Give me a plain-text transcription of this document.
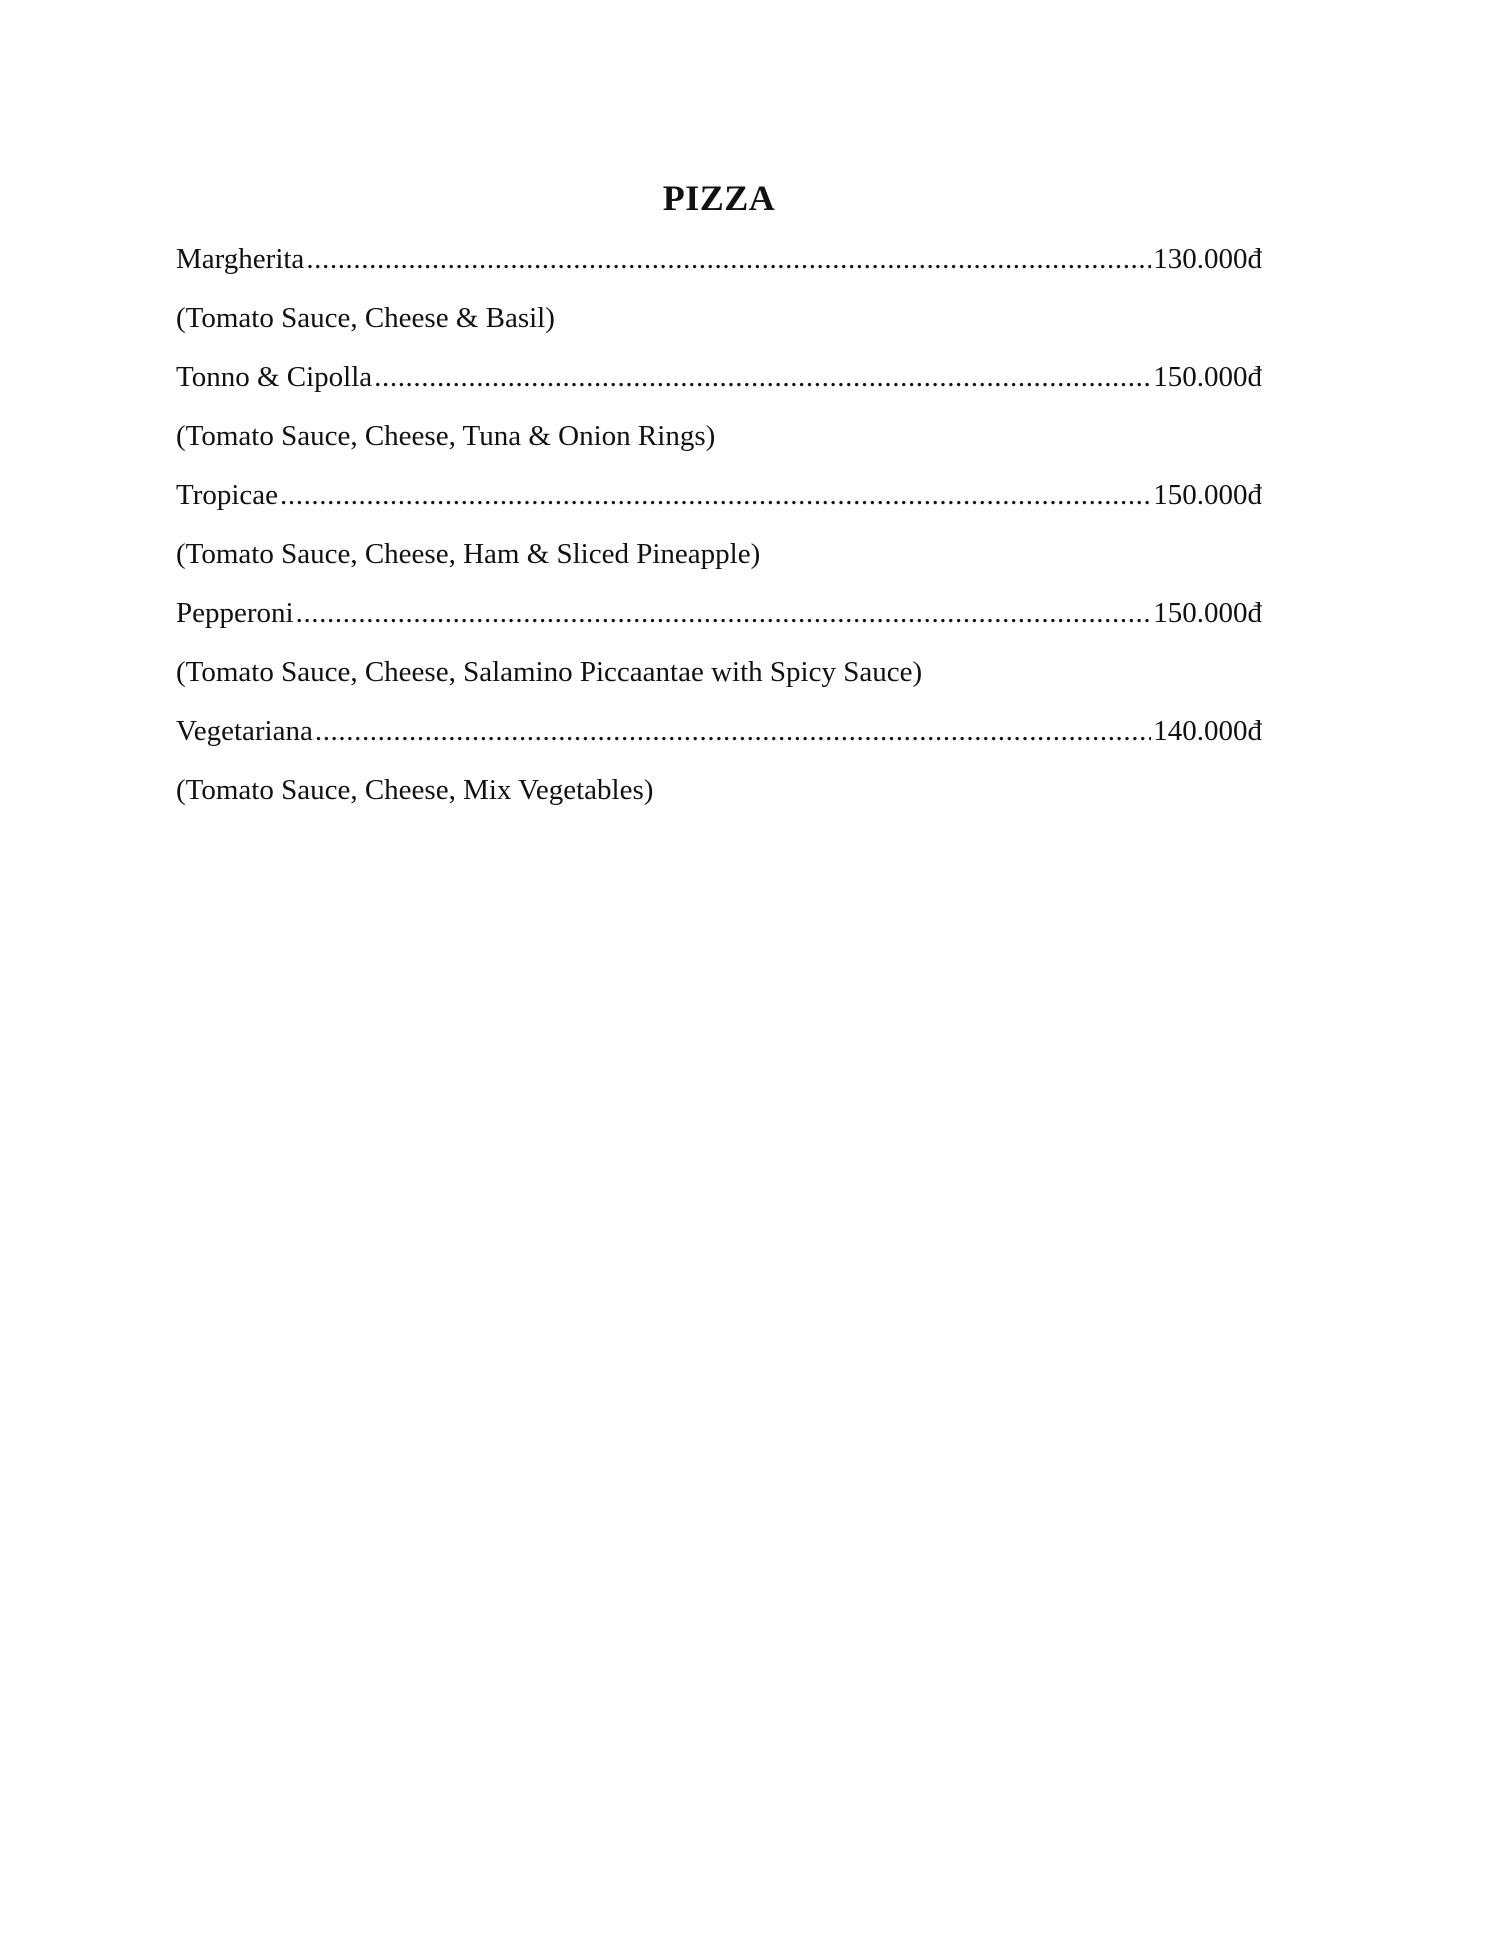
PIZZA
Margherita .....	130.000đ
(Tomato Sauce, Cheese & Basil)
Tonno & Cipolla .....	150.000đ
(Tomato Sauce, Cheese, Tuna & Onion Rings)
Tropicae .....	150.000đ
(Tomato Sauce, Cheese, Ham & Sliced Pineapple)
Pepperoni .....	150.000đ
(Tomato Sauce, Cheese, Salamino Piccaantae with Spicy Sauce)
Vegetariana .....	140.000đ
(Tomato Sauce, Cheese, Mix Vegetables)
